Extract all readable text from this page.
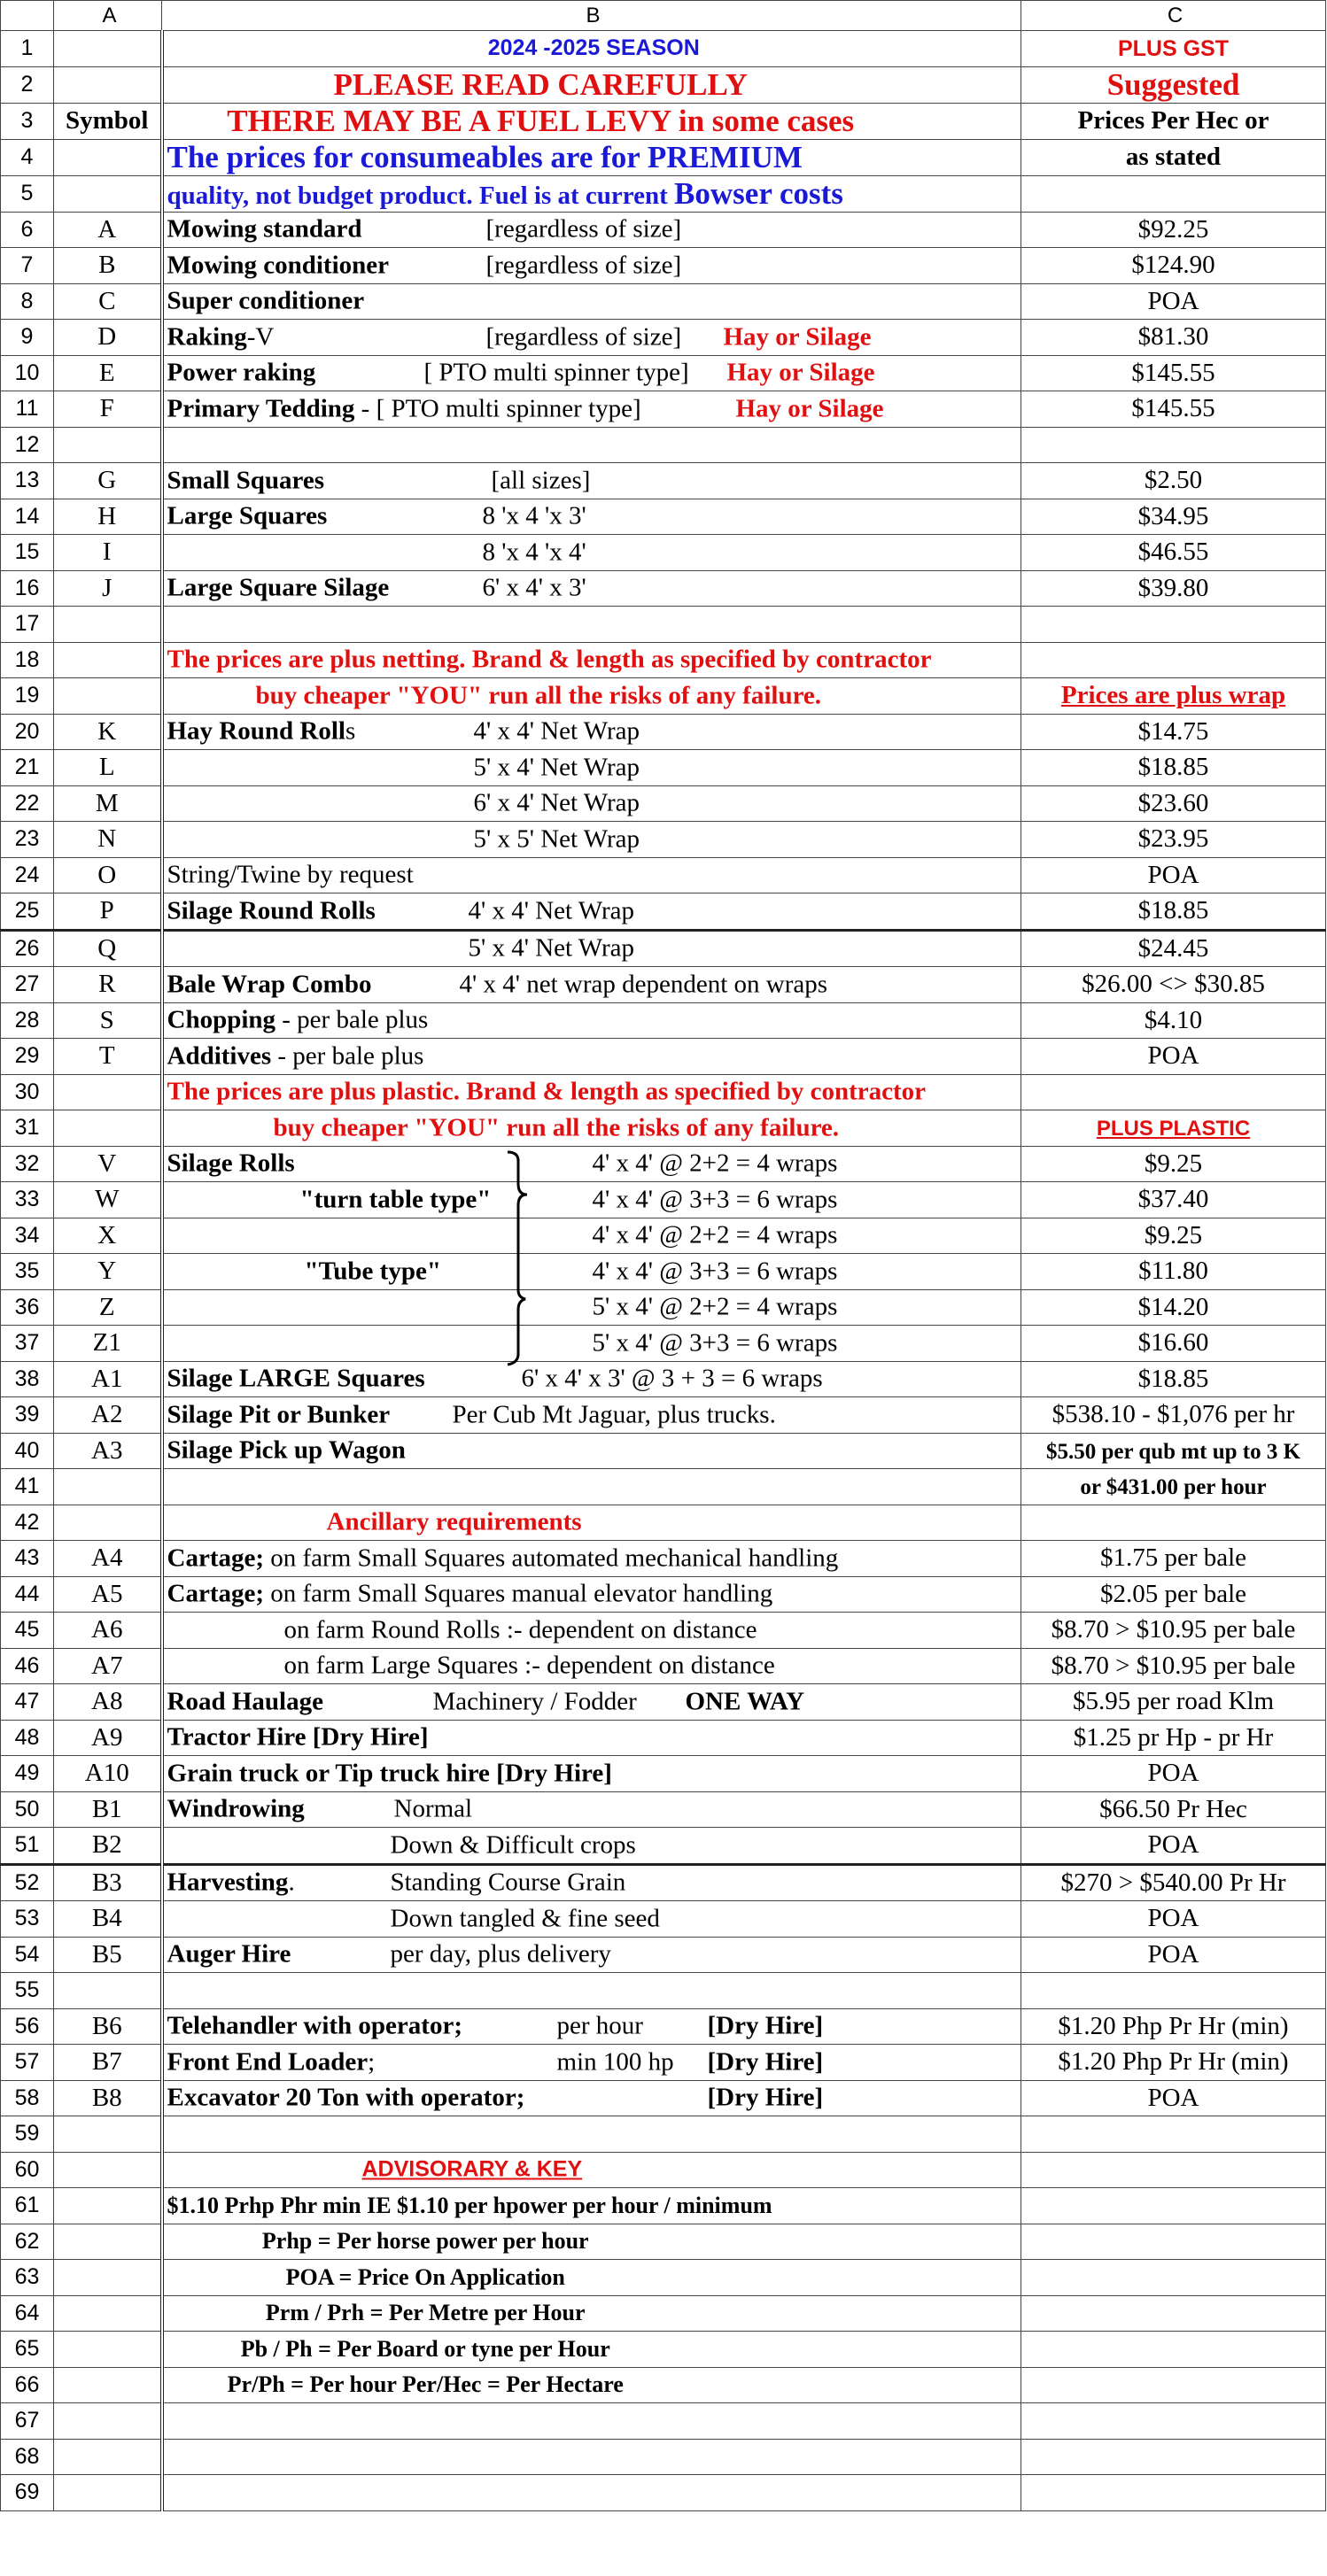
	A	B	C
1		2024 -2025 SEASON	PLUS GST
2		PLEASE READ CAREFULLY	Suggested
3	Symbol	THERE MAY BE A FUEL LEVY in some cases	Prices Per Hec or
4		The prices for consumeables are for PREMIUM	as stated
5		quality, not budget product. Fuel is at current Bowser costs	
6	A	Mowing standard [regardless of size]	$92.25
7	B	Mowing conditioner [regardless of size]	$124.90
8	C	Super conditioner	POA
9	D	Raking-V [regardless of size] Hay or Silage	$81.30
10	E	Power raking [ PTO multi spinner type] Hay or Silage	$145.55
11	F	Primary Tedding - [ PTO multi spinner type] Hay or Silage	$145.55
12		

13	G	Small Squares [all sizes]	$2.50
14	H	Large Squares 8 'x 4 'x 3'	$34.95
15	I	8 'x 4 'x 4'	$46.55
16	J	Large Square Silage 6' x 4' x 3'	$39.80
17		

18		The prices are plus netting. Brand & length as specified by contractor	

19		buy cheaper "YOU" run all the risks of any failure.	Prices are plus wrap
20	K	Hay Round Rolls 4' x 4' Net Wrap	$14.75
21	L	5' x 4' Net Wrap	$18.85
22	M	6' x 4' Net Wrap	$23.60
23	N	5' x 5' Net Wrap	$23.95
24	O	String/Twine by request	POA
25	P	Silage Round Rolls 4' x 4' Net Wrap	$18.85
26	Q	5' x 4' Net Wrap	$24.45
27	R	Bale Wrap Combo 4' x 4' net wrap dependent on wraps	$26.00 <> $30.85
28	S	Chopping - per bale plus	$4.10
29	T	Additives - per bale plus	POA
30		The prices are plus plastic. Brand & length as specified by contractor	

31		buy cheaper "YOU" run all the risks of any failure.	PLUS PLASTIC
32	V	Silage Rolls 4' x 4' @ 2+2 = 4 wraps	$9.25
33	W	"turn table type" 4' x 4' @ 3+3 = 6 wraps	$37.40
34	X	4' x 4' @ 2+2 = 4 wraps	$9.25
35	Y	"Tube type" 4' x 4' @ 3+3 = 6 wraps	$11.80
36	Z	5' x 4' @ 2+2 = 4 wraps	$14.20
37	Z1	5' x 4' @ 3+3 = 6 wraps	$16.60
38	A1	Silage LARGE Squares 6' x 4' x 3' @ 3 + 3 = 6 wraps	$18.85
39	A2	Silage Pit or Bunker Per Cub Mt Jaguar, plus trucks.	$538.10 - $1,076 per hr
40	A3	Silage Pick up Wagon	$5.50 per qub mt up to 3 K
41			or $431.00 per hour
42		Ancillary requirements	

43	A4	Cartage; on farm Small Squares automated mechanical handling	$1.75 per bale
44	A5	Cartage; on farm Small Squares manual elevator handling	$2.05 per bale
45	A6	on farm Round Rolls :- dependent on distance	$8.70 > $10.95 per bale
46	A7	on farm Large Squares :- dependent on distance	$8.70 > $10.95 per bale
47	A8	Road Haulage Machinery / Fodder ONE WAY	$5.95 per road Klm
48	A9	Tractor Hire [Dry Hire]	$1.25 pr Hp - pr Hr
49	A10	Grain truck or Tip truck hire [Dry Hire]	POA
50	B1	Windrowing Normal	$66.50 Pr Hec
51	B2	Down & Difficult crops	POA
52	B3	Harvesting. Standing Course Grain	$270 > $540.00 Pr Hr
53	B4	Down tangled & fine seed	POA
54	B5	Auger Hire per day, plus delivery	POA
55		

56	B6	Telehandler with operator; per hour [Dry Hire]	$1.20 Php Pr Hr (min)
57	B7	Front End Loader; min 100 hp [Dry Hire]	$1.20 Php Pr Hr (min)
58	B8	Excavator 20 Ton with operator; [Dry Hire]	POA
59		

60		ADVISORARY & KEY	

61		$1.10 Prhp Phr min IE $1.10 per hpower per hour / minimum	

62		Prhp = Per horse power per hour	

63		POA = Price On Application	

64		Prm / Prh = Per Metre per Hour	

65		Pb / Ph = Per Board or tyne per Hour	

66		Pr/Ph = Per hour Per/Hec = Per Hectare	

67		

68		

69		
